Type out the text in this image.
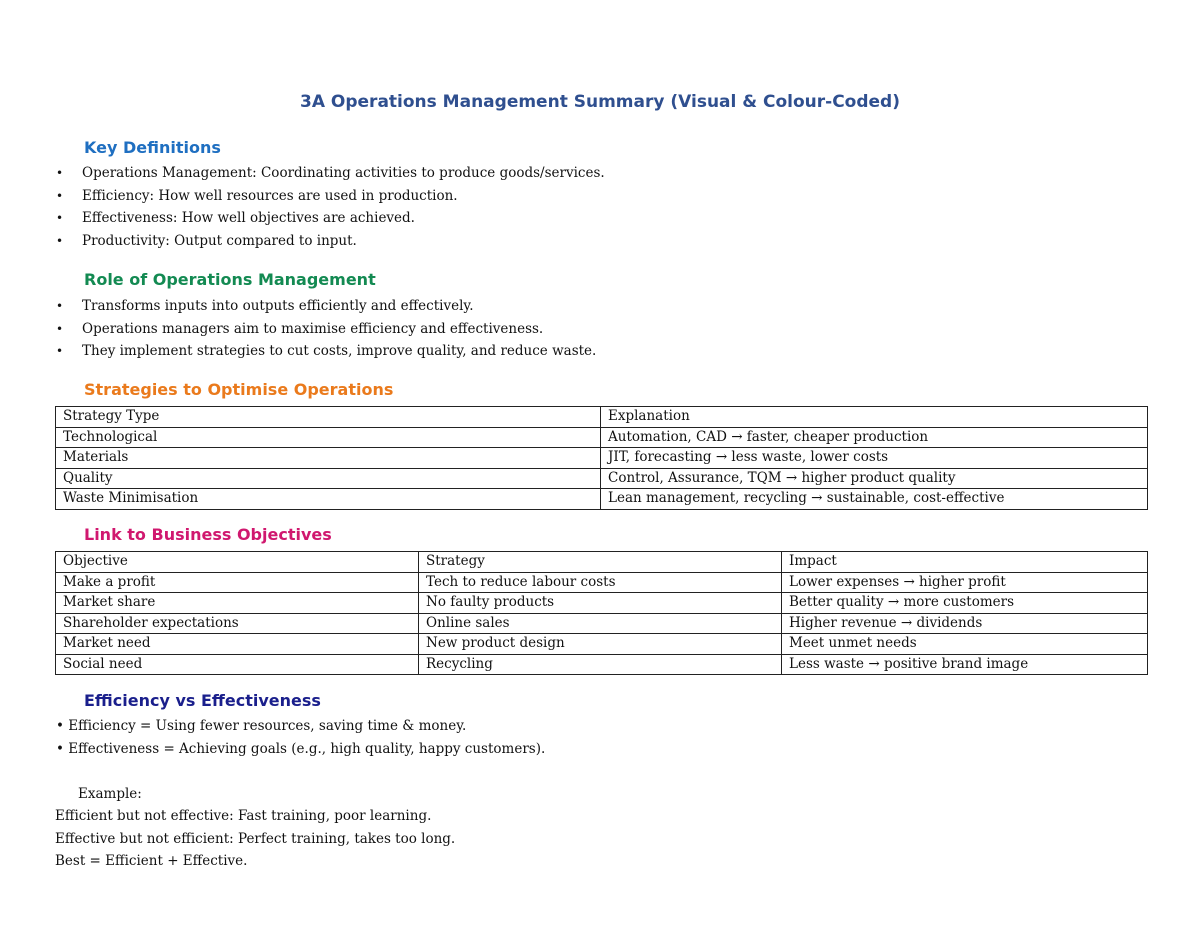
3A Operations Management Summary (Visual & Colour-Coded)
Key Definitions
• Operations Management: Coordinating activities to produce goods/services.
• Efficiency: How well resources are used in production.
• Effectiveness: How well objectives are achieved.
• Productivity: Output compared to input.
Role of Operations Management
• Transforms inputs into outputs efficiently and effectively.
• Operations managers aim to maximise efficiency and effectiveness.
• They implement strategies to cut costs, improve quality, and reduce waste.
Strategies to Optimise Operations
Strategy Type	Explanation
Technological	Automation, CAD → faster, cheaper production
Materials	JIT, forecasting → less waste, lower costs
Quality	Control, Assurance, TQM → higher product quality
Waste Minimisation	Lean management, recycling → sustainable, cost-effective
Link to Business Objectives
Objective	Strategy	Impact
Make a profit	Tech to reduce labour costs	Lower expenses → higher profit
Market share	No faulty products	Better quality → more customers
Shareholder expectations	Online sales	Higher revenue → dividends
Market need	New product design	Meet unmet needs
Social need	Recycling	Less waste → positive brand image
Efficiency vs Effectiveness
• Efficiency = Using fewer resources, saving time & money.
• Effectiveness = Achieving goals (e.g., high quality, happy customers).
Example:
Efficient but not effective: Fast training, poor learning.
Effective but not efficient: Perfect training, takes too long.
Best = Efficient + Effective.
